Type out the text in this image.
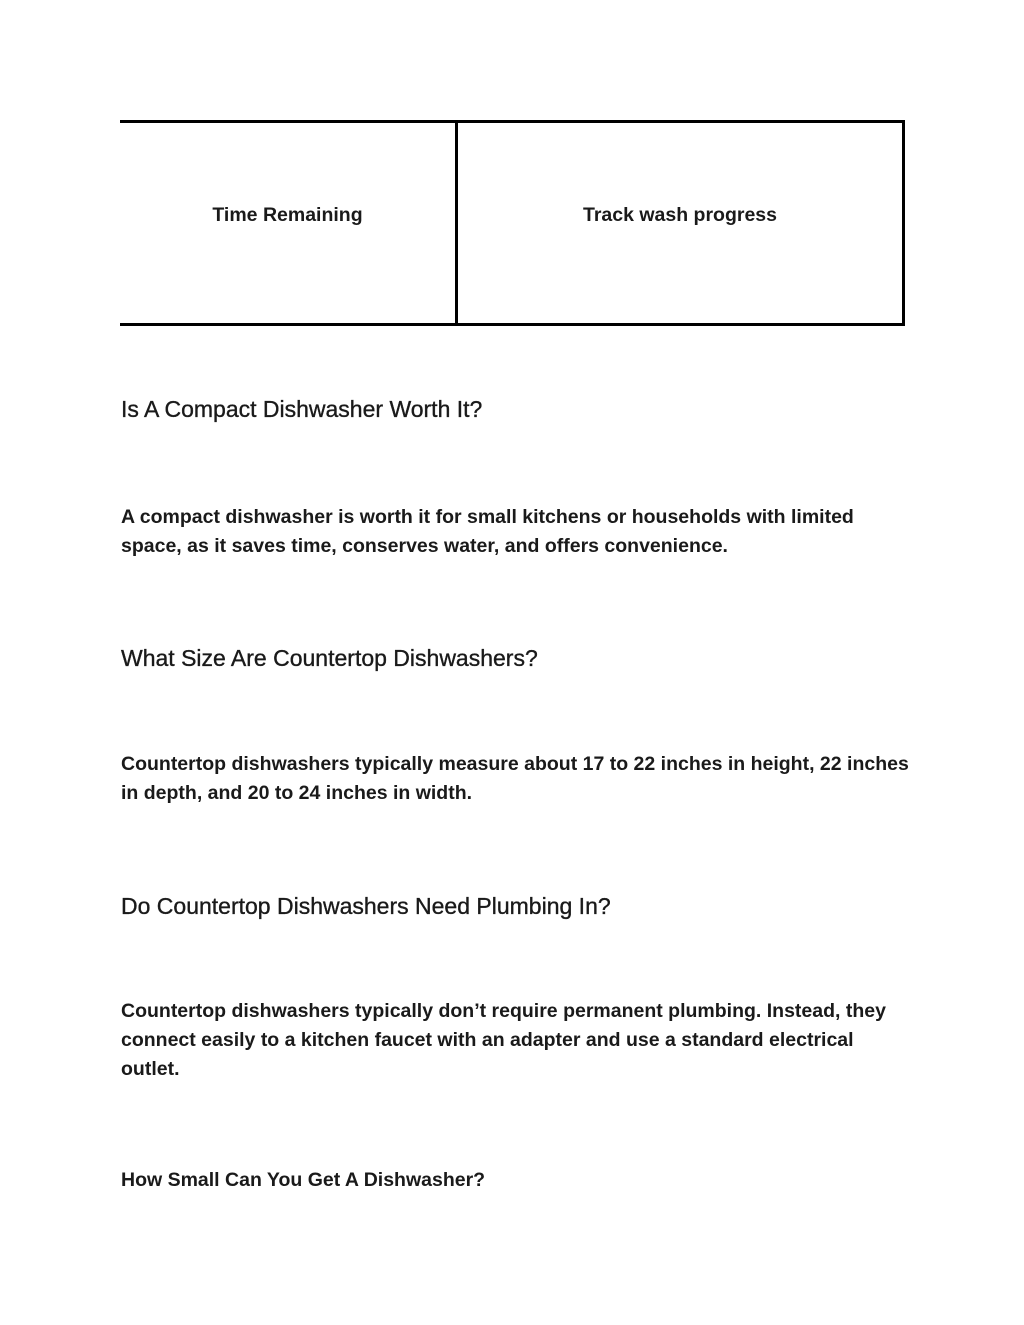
Time Remaining	Track wash progress
Is A Compact Dishwasher Worth It?

A compact dishwasher is worth it for small kitchens or households with limited space, as it saves time, conserves water, and offers convenience.

What Size Are Countertop Dishwashers?

Countertop dishwashers typically measure about 17 to 22 inches in height, 22 inches in depth, and 20 to 24 inches in width.

Do Countertop Dishwashers Need Plumbing In?

Countertop dishwashers typically don’t require permanent plumbing. Instead, they connect easily to a kitchen faucet with an adapter and use a standard electrical outlet.

How Small Can You Get A Dishwasher?
